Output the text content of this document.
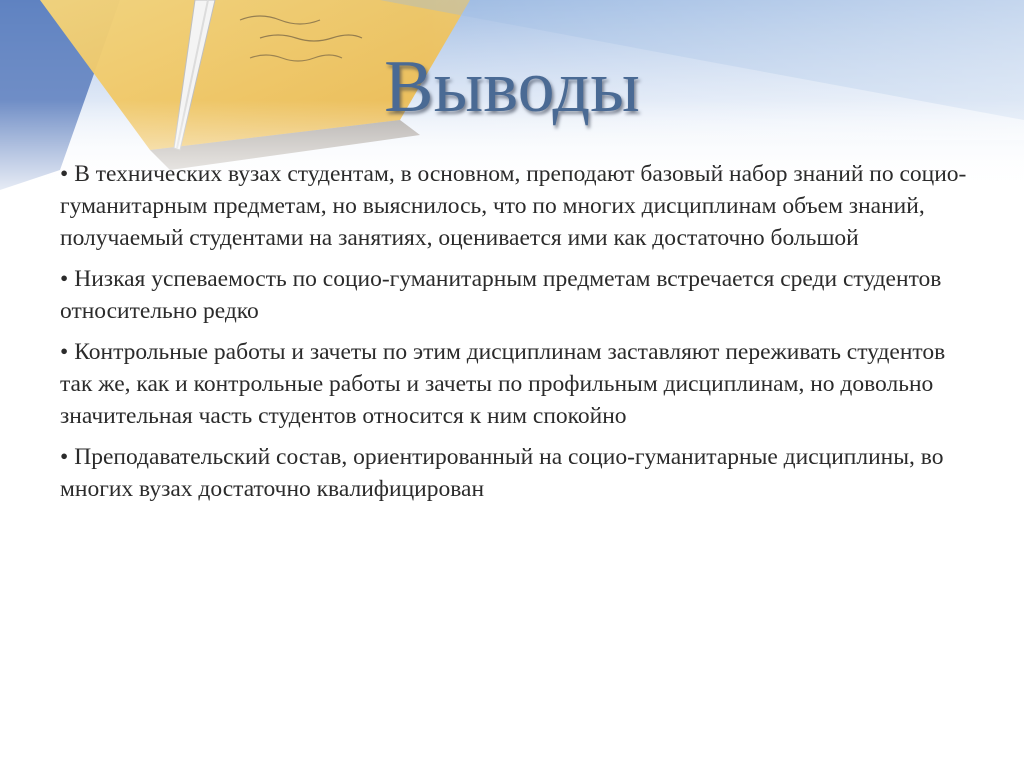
Выводы

• В технических вузах студентам, в основном, преподают базовый набор знаний по социо-гуманитарным предметам, но выяснилось, что по многих дисциплинам объем знаний, получаемый студентами на занятиях, оценивается ими как достаточно большой

• Низкая успеваемость по социо-гуманитарным предметам встречается среди студентов относительно редко

• Контрольные работы и зачеты по этим дисциплинам заставляют переживать студентов так же, как и контрольные работы и зачеты по профильным дисциплинам, но довольно значительная часть студентов относится к ним спокойно

• Преподавательский состав, ориентированный на социо-гуманитарные дисциплины, во многих вузах достаточно квалифицирован
